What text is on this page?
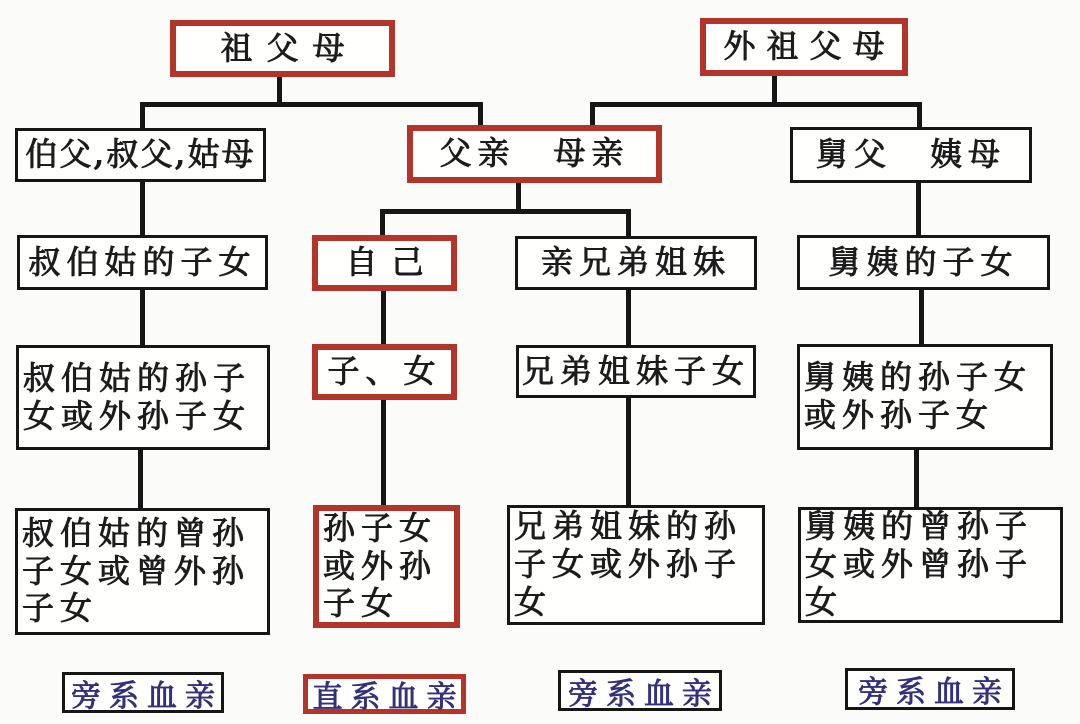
祖父母	外祖父母
伯父,叔父,姑母	父亲　母亲	舅父　姨母
叔伯姑的子女	自己	亲兄弟姐妹	舅姨的子女
叔伯姑的孙子女或外孙子女
子、女	兄弟姐妹子女 舅姨的孙子女或外孙子女
叔伯姑的曾孙子女或曾外孙子女
孙子女或外孙子女
兄弟姐妹的孙子女或外孙子女
舅姨的曾孙子女或外曾孙子女
旁系血亲	直系血亲	旁系血亲	旁系血亲
